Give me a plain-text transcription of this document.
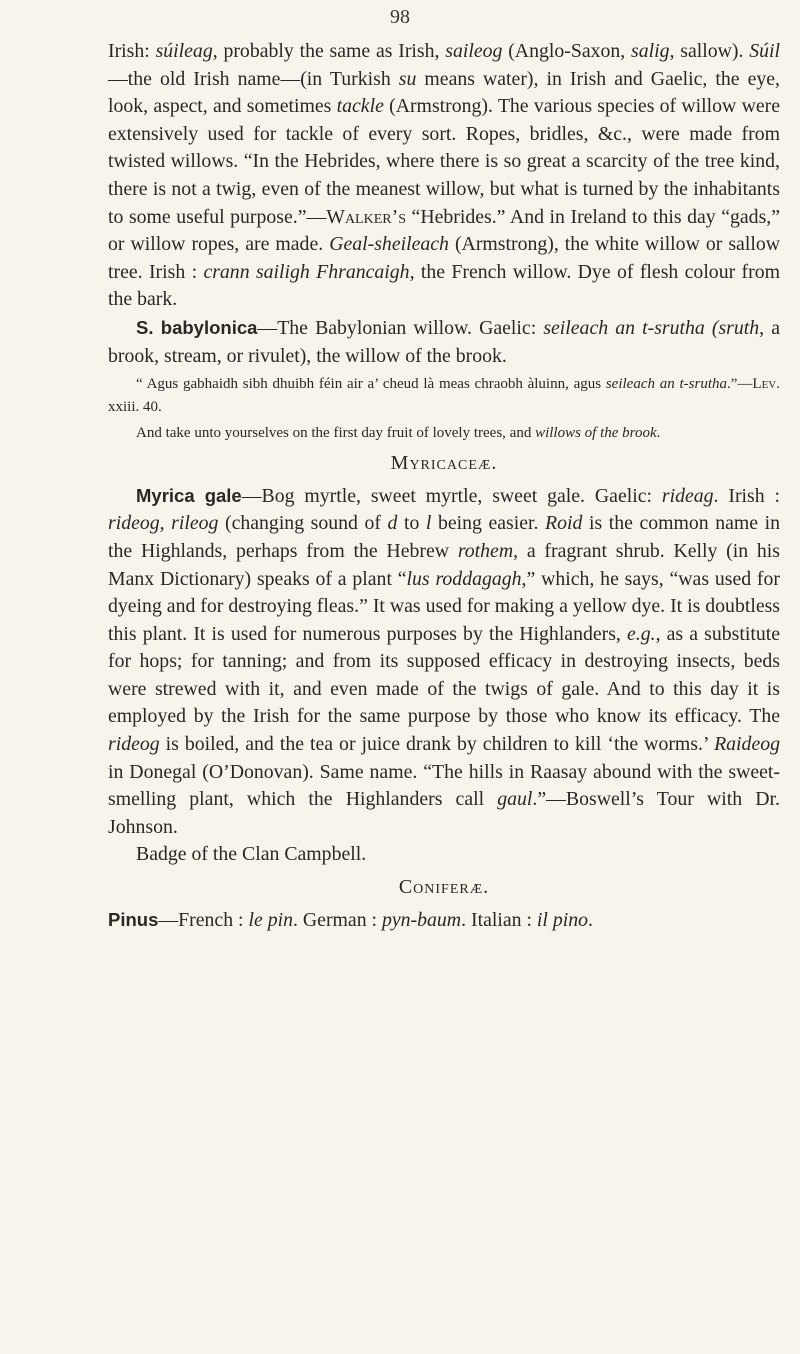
98

Irish: súileag, probably the same as Irish, saileog (Anglo-Saxon, salig, sallow). Súil—the old Irish name—(in Turkish su means water), in Irish and Gaelic, the eye, look, aspect, and sometimes tackle (Armstrong). The various species of willow were extensively used for tackle of every sort. Ropes, bridles, &c., were made from twisted willows. “In the Hebrides, where there is so great a scarcity of the tree kind, there is not a twig, even of the meanest willow, but what is turned by the inhabitants to some useful purpose.”—Walker’s “Hebrides.” And in Ireland to this day “gads,” or willow ropes, are made. Geal-sheileach (Armstrong), the white willow or sallow tree. Irish : crann sailigh Fhrancaigh, the French willow. Dye of flesh colour from the bark.

S. babylonica—The Babylonian willow. Gaelic: seileach an t-srutha (sruth, a brook, stream, or rivulet), the willow of the brook.

“ Agus gabhaidh sibh dhuibh féin air a’ cheud là meas chraobh àluinn, agus seileach an t-srutha.”—Lev. xxiii. 40.

And take unto yourselves on the first day fruit of lovely trees, and willows of the brook.

Myricaceæ.

Myrica gale—Bog myrtle, sweet myrtle, sweet gale. Gaelic: rideag. Irish : rideog, rileog (changing sound of d to l being easier. Roid is the common name in the Highlands, perhaps from the Hebrew rothem, a fragrant shrub. Kelly (in his Manx Dictionary) speaks of a plant “lus roddagagh,” which, he says, “was used for dyeing and for destroying fleas.” It was used for making a yellow dye. It is doubtless this plant. It is used for numerous purposes by the Highlanders, e.g., as a substitute for hops; for tanning; and from its supposed efficacy in destroying insects, beds were strewed with it, and even made of the twigs of gale. And to this day it is employed by the Irish for the same purpose by those who know its efficacy. The rideog is boiled, and the tea or juice drank by children to kill ‘the worms.’ Raideog in Donegal (O’Donovan). Same name. “The hills in Raasay abound with the sweet-smelling plant, which the Highlanders call gaul.”—Boswell’s Tour with Dr. Johnson.

Badge of the Clan Campbell.

Coniferæ.

Pinus—French : le pin. German : pyn-baum. Italian : il pino.
